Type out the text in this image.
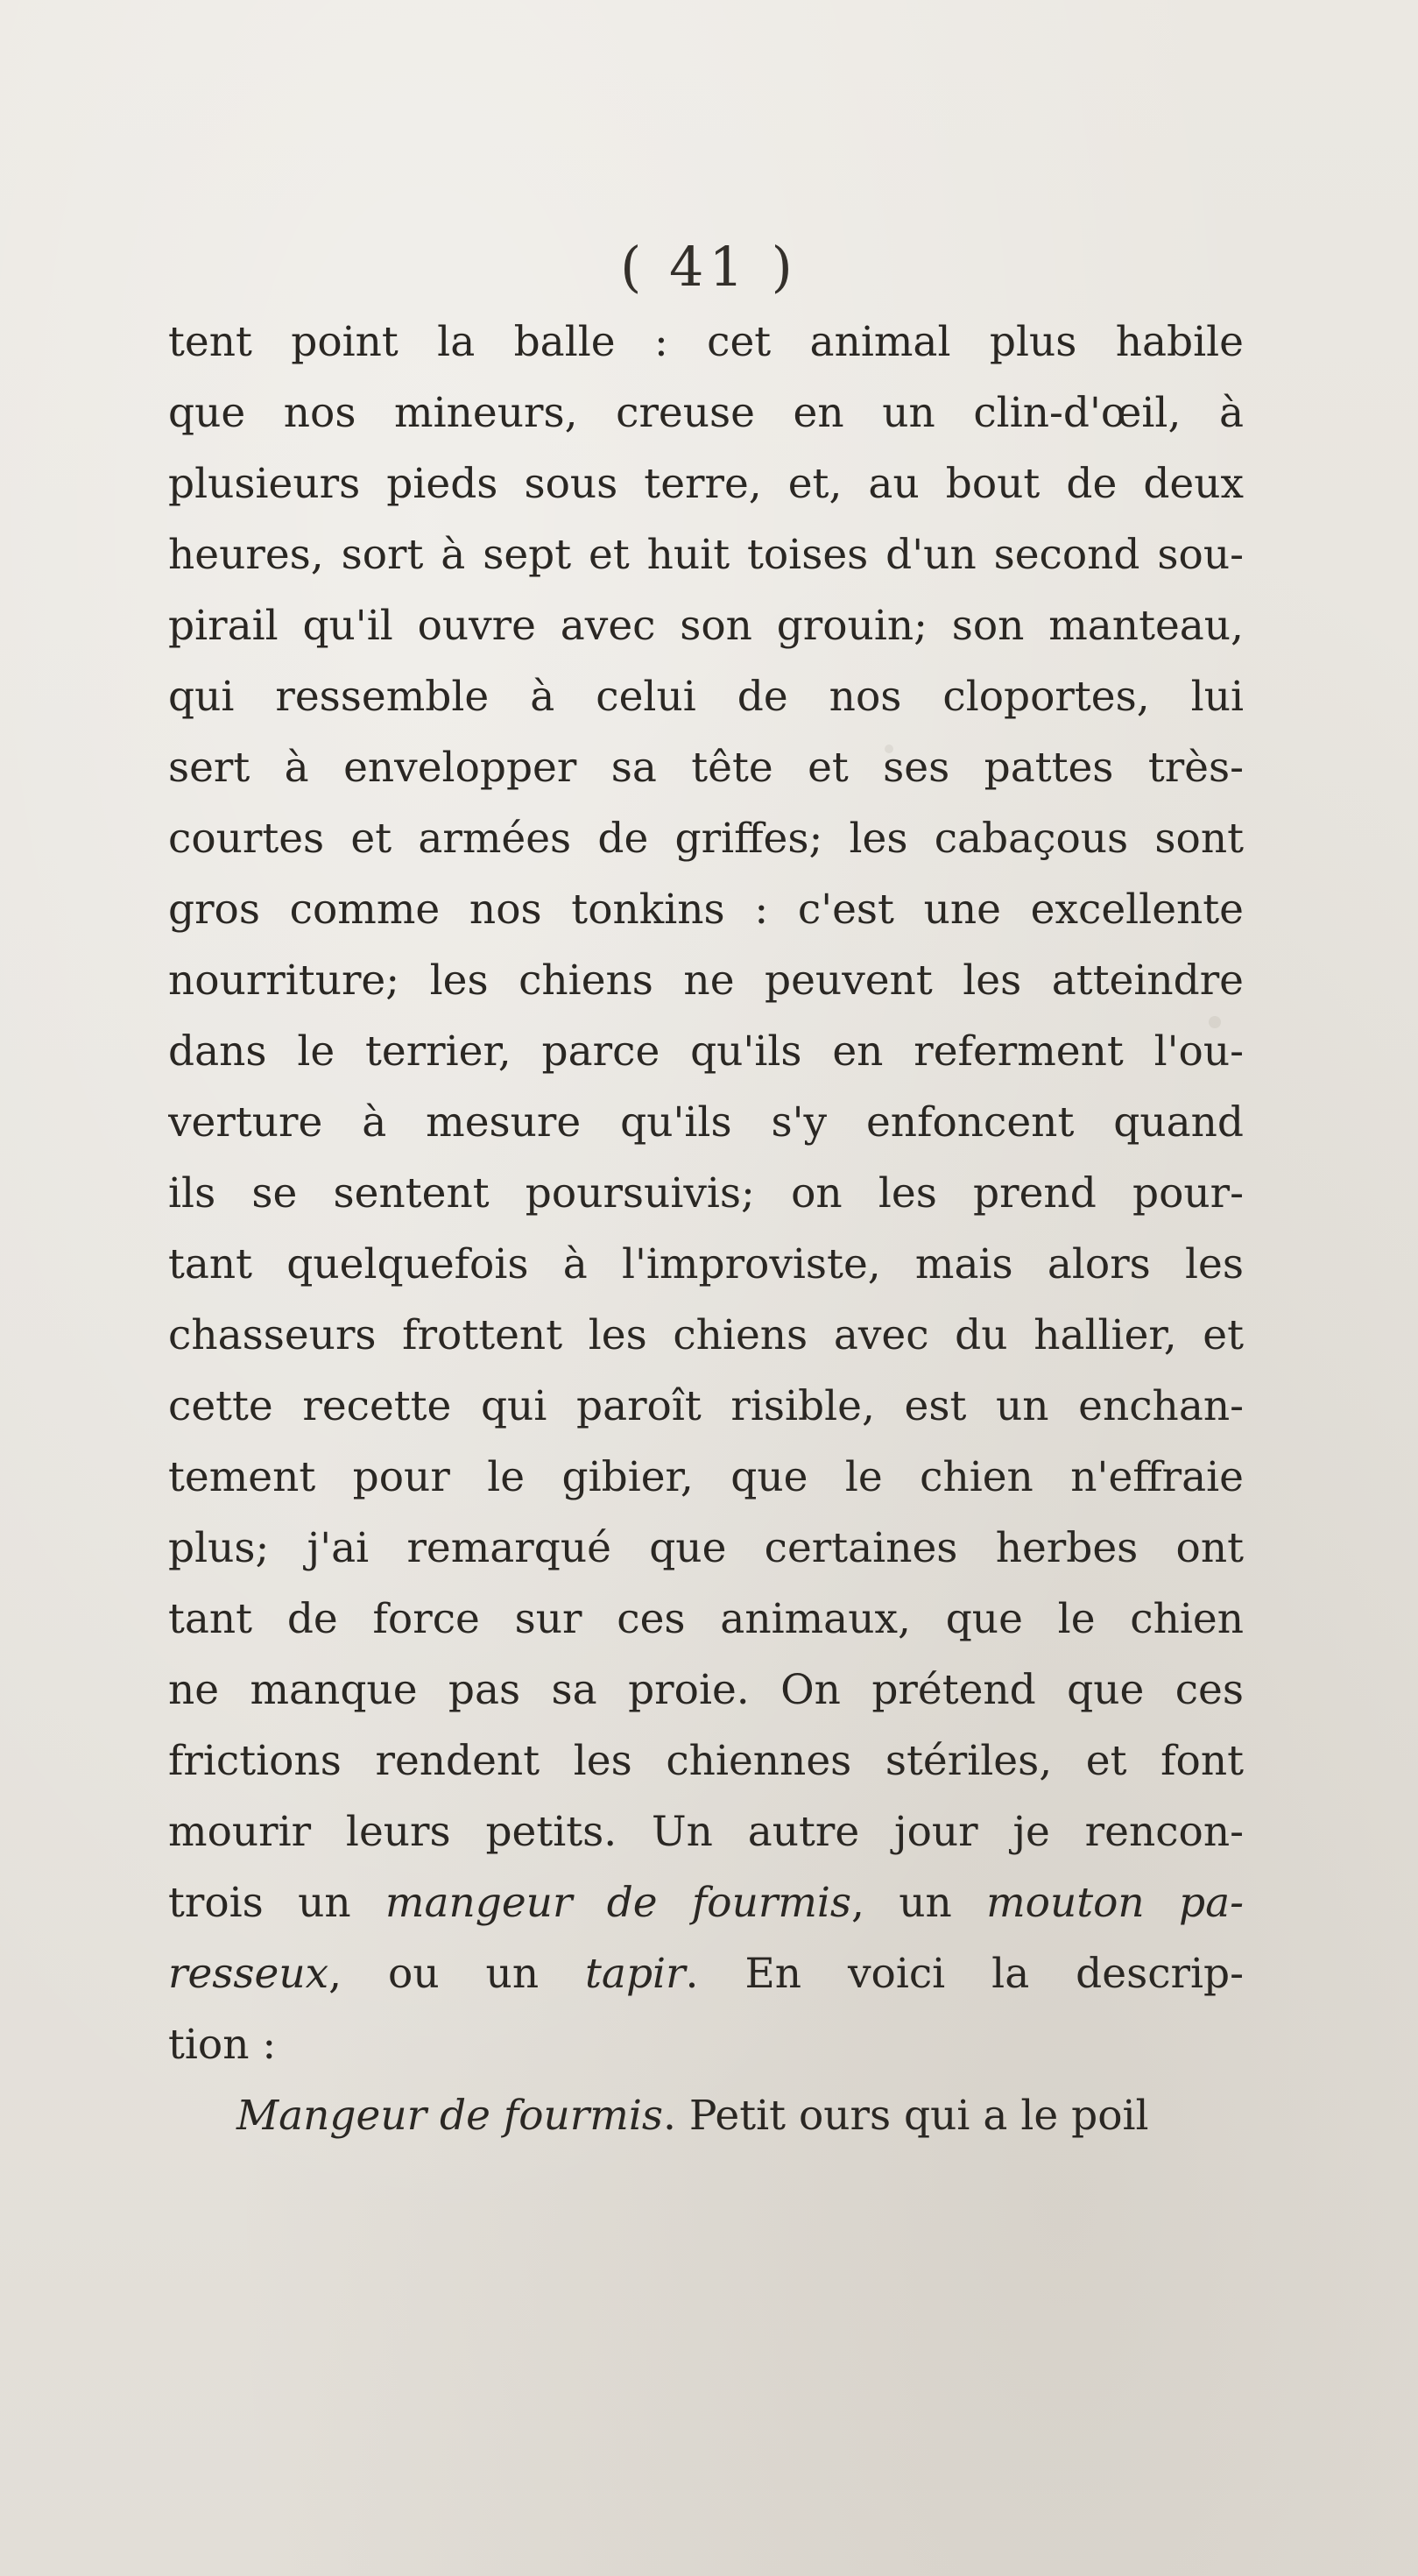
( 41 )
tent point la balle : cet animal plus habile
que nos mineurs, creuse en un clin-d'œil, à
plusieurs pieds sous terre, et, au bout de deux
heures, sort à sept et huit toises d'un second sou-
pirail qu'il ouvre avec son grouin; son manteau,
qui ressemble à celui de nos cloportes, lui
sert à envelopper sa tête et ses pattes très-
courtes et armées de griffes; les cabaçous sont
gros comme nos tonkins : c'est une excellente
nourriture; les chiens ne peuvent les atteindre
dans le terrier, parce qu'ils en referment l'ou-
verture à mesure qu'ils s'y enfoncent quand
ils se sentent poursuivis; on les prend pour-
tant quelquefois à l'improviste, mais alors les
chasseurs frottent les chiens avec du hallier, et
cette recette qui paroît risible, est un enchan-
tement pour le gibier, que le chien n'effraie
plus; j'ai remarqué que certaines herbes ont
tant de force sur ces animaux, que le chien
ne manque pas sa proie. On prétend que ces
frictions rendent les chiennes stériles, et font
mourir leurs petits. Un autre jour je rencon-
trois un mangeur de fourmis, un mouton pa-
resseux, ou un tapir. En voici la descrip-
tion :
Mangeur de fourmis. Petit ours qui a le poil
